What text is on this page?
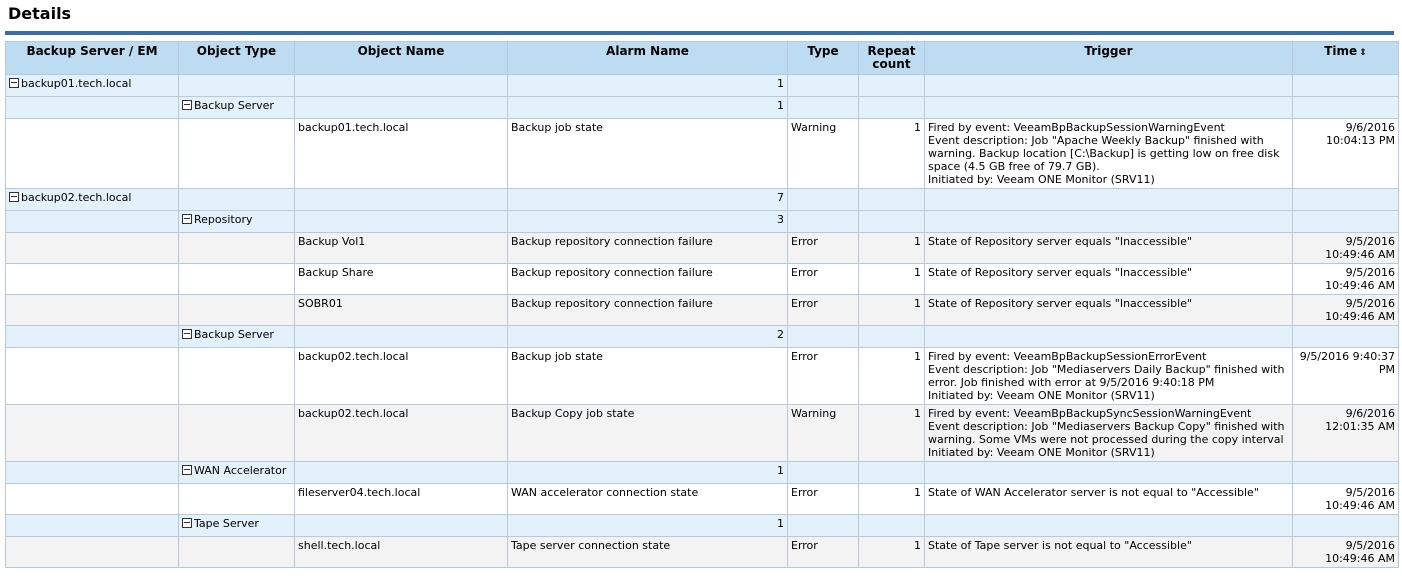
Details
Backup Server / EM	Object Type	Object Name	Alarm Name	Type	Repeat count	Trigger	Time ⇕
backup01.tech.local			1				
	Backup Server		1				
		backup01.tech.local	Backup job state	Warning	1	Fired by event: VeeamBpBackupSessionWarningEvent
Event description: Job "Apache Weekly Backup" finished with warning. Backup location [C:\Backup] is getting low on free disk space (4.5 GB free of 79.7 GB).
Initiated by: Veeam ONE Monitor (SRV11)	9/6/2016 10:04:13 PM
backup02.tech.local			7				
	Repository		3				
		Backup Vol1	Backup repository connection failure	Error	1	State of Repository server equals "Inaccessible"	9/5/2016 10:49:46 AM
		Backup Share	Backup repository connection failure	Error	1	State of Repository server equals "Inaccessible"	9/5/2016 10:49:46 AM
		SOBR01	Backup repository connection failure	Error	1	State of Repository server equals "Inaccessible"	9/5/2016 10:49:46 AM
	Backup Server		2				
		backup02.tech.local	Backup job state	Error	1	Fired by event: VeeamBpBackupSessionErrorEvent
Event description: Job "Mediaservers Daily Backup" finished with error. Job finished with error at 9/5/2016 9:40:18 PM
Initiated by: Veeam ONE Monitor (SRV11)	9/5/2016 9:40:37 PM
		backup02.tech.local	Backup Copy job state	Warning	1	Fired by event: VeeamBpBackupSyncSessionWarningEvent
Event description: Job "Mediaservers Backup Copy" finished with warning. Some VMs were not processed during the copy interval
Initiated by: Veeam ONE Monitor (SRV11)	9/6/2016 12:01:35 AM
	WAN Accelerator		1				
		fileserver04.tech.local	WAN accelerator connection state	Error	1	State of WAN Accelerator server is not equal to "Accessible"	9/5/2016 10:49:46 AM
	Tape Server		1				
		shell.tech.local	Tape server connection state	Error	1	State of Tape server is not equal to "Accessible"	9/5/2016 10:49:46 AM
